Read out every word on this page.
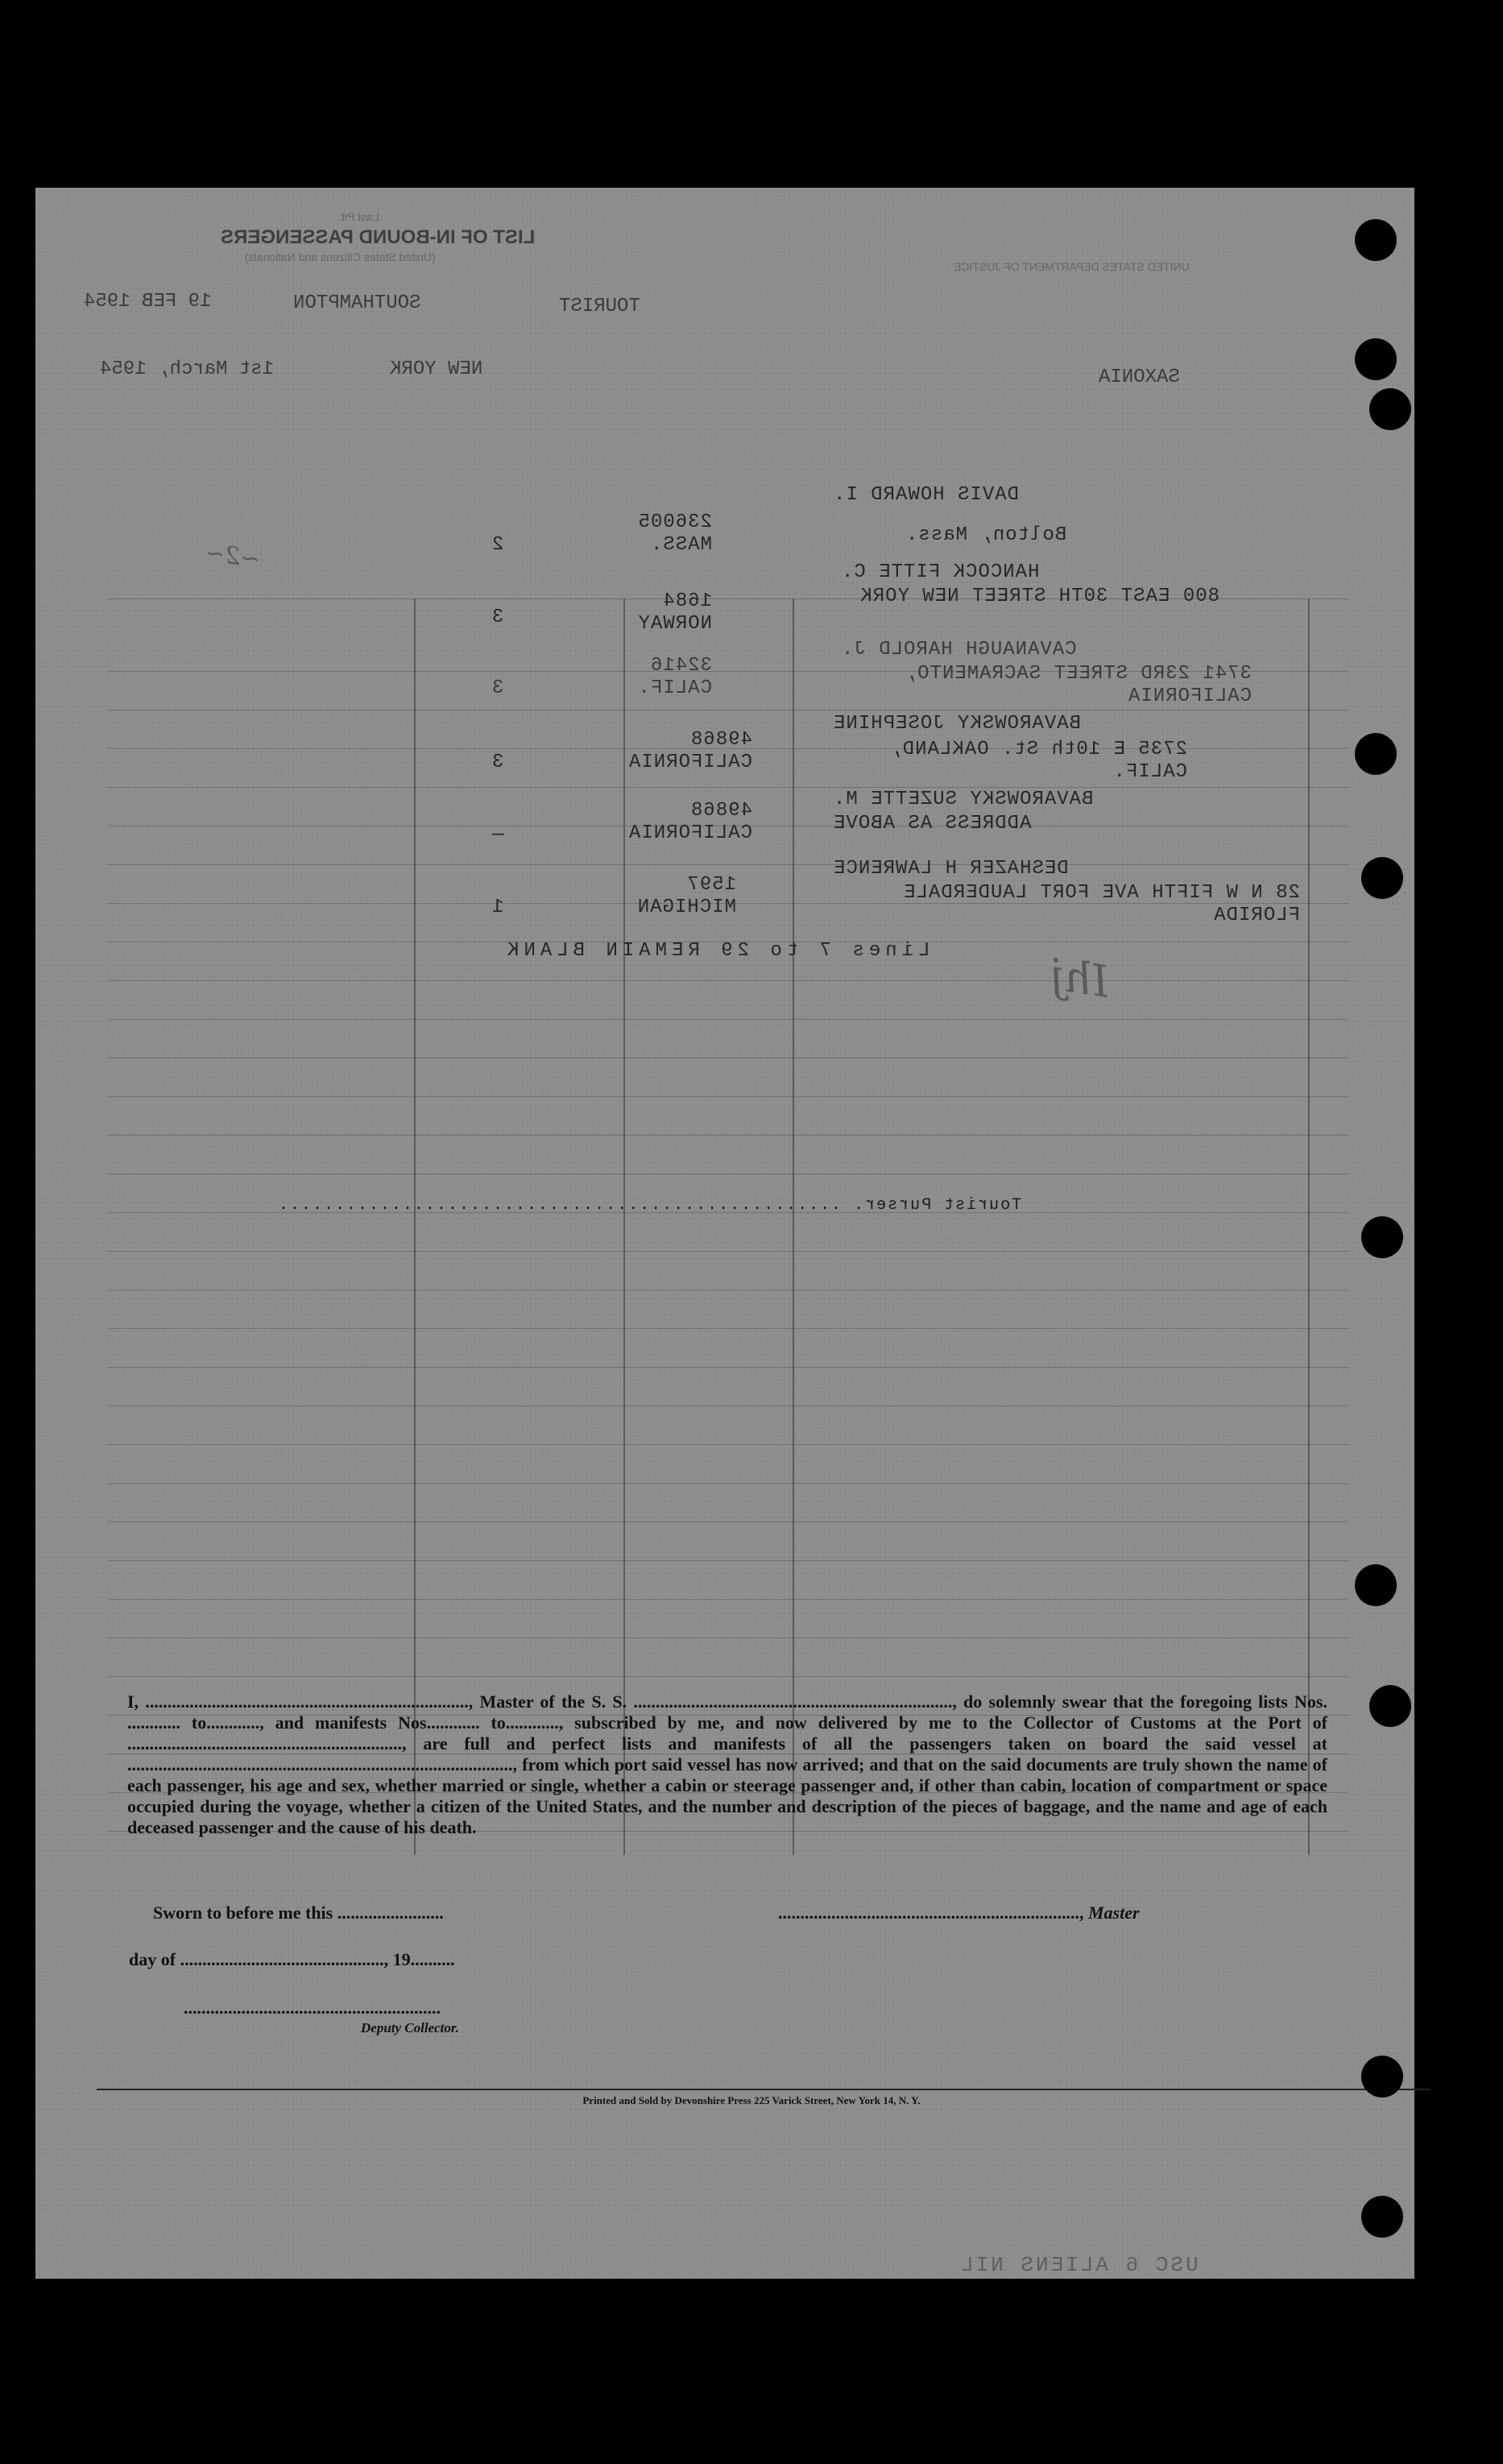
Last Pit
LIST OF IN-BOUND PASSENGERS
(United States Citizens and Nationals)
UNITED STATES DEPARTMENT OF JUSTICE
19 FEB 1954	SOUTHAMPTON	TOURIST
1st March, 1954	NEW YORK	SAXONIA
DAVIS HOWARD I.
Bolton, Mass.
236005 MASS.
2
HANCOCK FITTE C.
800 EAST 30TH STREET NEW YORK
1684 NORWAY
3
CAVANAUGH HAROLD J.
3741 23RD STREET SACRAMENTO, CALIFORNIA
32416 CALIF.
3
BAVAROWSKY JOSEPHINE
2735 E 10th St. OAKLAND, CALIF.
49868 CALIFORNIA
3
BAVAROWSKY SUZETTE M.
ADDRESS AS ABOVE
49868 CALIFORNIA
—
DESHAZER H LAWRENCE
28 N W FIFTH AVE FORT LAUDERDALE FLORIDA
1597 MICHIGAN
1
Lines 7 to 29 REMAIN BLANK	Ihj
~2~
Tourist Purser. ..................................................

I, ........................................................................., Master of the S. S. ........................................................................, do solemnly swear that the foregoing lists Nos. ............ to............, and manifests Nos............ to............, subscribed by me, and now delivered by me to the Collector of Customs at the Port of .............................................................., are full and perfect lists and manifests of all the passengers taken on board the said vessel at ......................................................................................., from which port said vessel has now arrived; and that on the said documents are truly shown the name of each passenger, his age and sex, whether married or single, whether a cabin or steerage passenger and, if other than cabin, location of compartment or space occupied during the voyage, whether a citizen of the United States, and the number and description of the pieces of baggage, and the name and age of each deceased passenger and the cause of his death.

Sworn to before me this ........................	...................................................................., Master
day of .............................................., 19..........
..........................................................
Deputy Collector.
Printed and Sold by Devonshire Press 225 Varick Street, New York 14, N. Y.
USC 6 ALIENS NIL
